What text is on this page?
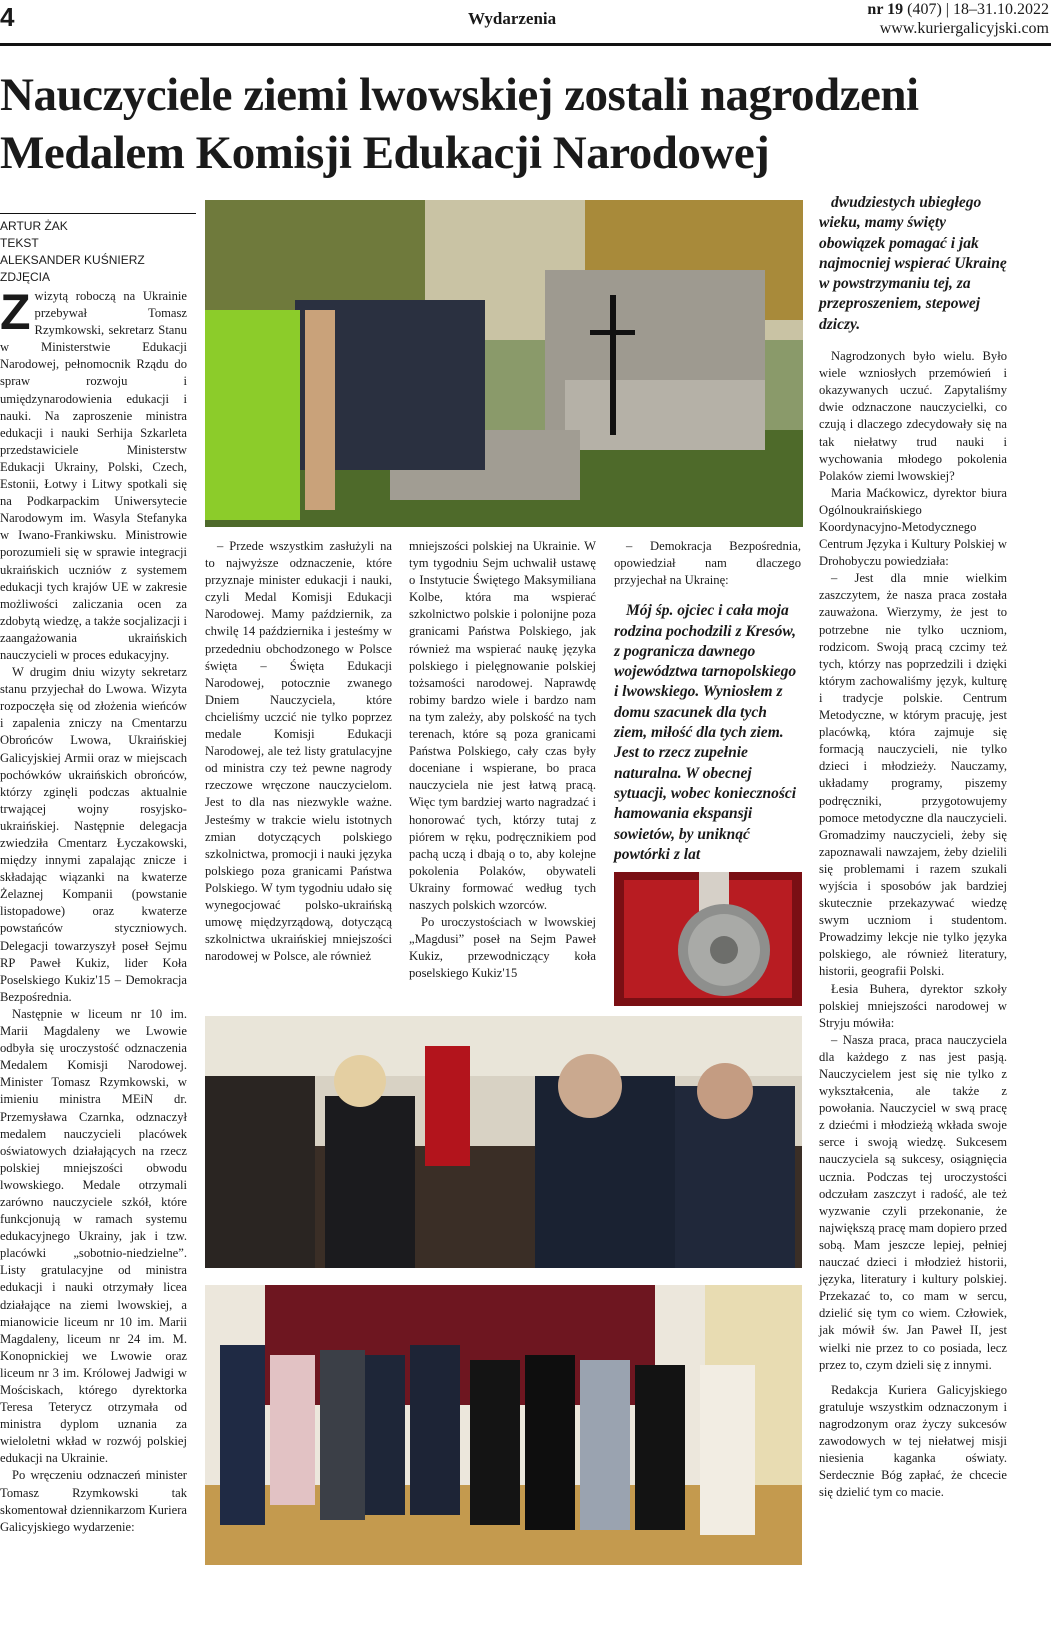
4	Wydarzenia	nr 19 (407) | 18–31.10.2022
www.kuriergalicyjski.com
Nauczyciele ziemi lwowskiej zostali nagrodzeni
Medalem Komisji Edukacji Narodowej
ARTUR ŻAK
TEKST
ALEKSANDER KUŚNIERZ
ZDJĘCIA

Zwizytą roboczą na Ukrainie przebywał Tomasz Rzymkowski, sekretarz Stanu w Ministerstwie Edukacji Narodowej, pełnomocnik Rządu do spraw rozwoju i umiędzynarodowienia edukacji i nauki. Na zaproszenie ministra edukacji i nauki Serhija Szkarleta przedstawiciele Ministerstw Edukacji Ukrainy, Polski, Czech, Estonii, Łotwy i Litwy spotkali się na Podkarpackim Uniwersytecie Narodowym im. Wasyla Stefanyka w Iwano-Frankiwsku. Ministrowie porozumieli się w sprawie integracji ukraińskich uczniów z systemem edukacji tych krajów UE w zakresie możliwości zaliczania ocen za zdobytą wiedzę, a także socjalizacji i zaangażowania ukraińskich nauczycieli w proces edukacyjny.

W drugim dniu wizyty sekretarz stanu przyjechał do Lwowa. Wizyta rozpoczęła się od złożenia wieńców i zapalenia zniczy na Cmentarzu Obrońców Lwowa, Ukraińskiej Galicyjskiej Armii oraz w miejscach pochówków ukraińskich obrońców, którzy zginęli podczas aktualnie trwającej wojny rosyjsko-ukraińskiej. Następnie delegacja zwiedziła Cmentarz Łyczakowski, między innymi zapalając znicze i składając wiązanki na kwaterze Żelaznej Kompanii (powstanie listopadowe) oraz kwaterze powstańców styczniowych. Delegacji towarzyszył poseł Sejmu RP Paweł Kukiz, lider Koła Poselskiego Kukiz'15 – Demokracja Bezpośrednia.

Następnie w liceum nr 10 im. Marii Magdaleny we Lwowie odbyła się uroczystość odznaczenia Medalem Komisji Narodowej. Minister Tomasz Rzymkowski, w imieniu ministra MEiN dr. Przemysława Czarnka, odznaczył medalem nauczycieli placówek oświatowych działających na rzecz polskiej mniejszości obwodu lwowskiego. Medale otrzymali zarówno nauczyciele szkół, które funkcjonują w ramach systemu edukacyjnego Ukrainy, jak i tzw. placówki „sobotnio-niedzielne”. Listy gratulacyjne od ministra edukacji i nauki otrzymały licea działające na ziemi lwowskiej, a mianowicie liceum nr 10 im. Marii Magdaleny, liceum nr 24 im. M. Konopnickiej we Lwowie oraz liceum nr 3 im. Królowej Jadwigi w Mościskach, którego dyrektorka Teresa Teterycz otrzymała od ministra dyplom uznania za wieloletni wkład w rozwój polskiej edukacji na Ukrainie.

Po wręczeniu odznaczeń minister Tomasz Rzymkowski tak skomentował dziennikarzom Kuriera Galicyjskiego wydarzenie:

– Przede wszystkim zasłużyli na to najwyższe odznaczenie, które przyznaje minister edukacji i nauki, czyli Medal Komisji Edukacji Narodowej. Mamy październik, za chwilę 14 października i jesteśmy w przededniu obchodzonego w Polsce święta – Święta Edukacji Narodowej, potocznie zwanego Dniem Nauczyciela, które chcieliśmy uczcić nie tylko poprzez medale Komisji Edukacji Narodowej, ale też listy gratulacyjne od ministra czy też pewne nagrody rzeczowe wręczone nauczycielom. Jest to dla nas niezwykle ważne. Jesteśmy w trakcie wielu istotnych zmian dotyczących polskiego szkolnictwa, promocji i nauki języka polskiego poza granicami Państwa Polskiego. W tym tygodniu udało się wynegocjować polsko-ukraińską umowę międzyrządową, dotyczącą szkolnictwa ukraińskiej mniejszości narodowej w Polsce, ale również

mniejszości polskiej na Ukrainie. W tym tygodniu Sejm uchwalił ustawę o Instytucie Świętego Maksymiliana Kolbe, która ma wspierać szkolnictwo polskie i polonijne poza granicami Państwa Polskiego, jak również ma wspierać naukę języka polskiego i pielęgnowanie polskiej tożsamości narodowej. Naprawdę robimy bardzo wiele i bardzo nam na tym zależy, aby polskość na tych terenach, które są poza granicami Państwa Polskiego, cały czas były doceniane i wspierane, bo praca nauczyciela nie jest łatwą pracą. Więc tym bardziej warto nagradzać i honorować tych, którzy tutaj z piórem w ręku, podręcznikiem pod pachą uczą i dbają o to, aby kolejne pokolenia Polaków, obywateli Ukrainy formować według tych naszych polskich wzorców.

Po uroczystościach w lwowskiej „Magdusi” poseł na Sejm Paweł Kukiz, przewodniczący koła poselskiego Kukiz'15

– Demokracja Bezpośrednia, opowiedział nam dlaczego przyjechał na Ukrainę:

Mój śp. ojciec i cała moja rodzina pochodzili z Kresów, z pogranicza dawnego województwa tarnopolskiego i lwowskiego. Wyniosłem z domu szacunek dla tych ziem, miłość dla tych ziem. Jest to rzecz zupełnie naturalna. W obecnej sytuacji, wobec konieczności hamowania ekspansji sowietów, by uniknąć powtórki z lat

dwudziestych ubiegłego wieku, mamy święty obowiązek pomagać i jak najmocniej wspierać Ukrainę w powstrzymaniu tej, za przeproszeniem, stepowej dziczy.

Nagrodzonych było wielu. Było wiele wzniosłych przemówień i okazywanych uczuć. Zapytaliśmy dwie odznaczone nauczycielki, co czują i dlaczego zdecydowały się na tak niełatwy trud nauki i wychowania młodego pokolenia Polaków ziemi lwowskiej?

Maria Maćkowicz, dyrektor biura Ogólnoukraińskiego Koordynacyjno-Metodycznego Centrum Języka i Kultury Polskiej w Drohobyczu powiedziała:

– Jest dla mnie wielkim zaszczytem, że nasza praca została zauważona. Wierzymy, że jest to potrzebne nie tylko uczniom, rodzicom. Swoją pracą czcimy też tych, którzy nas poprzedzili i dzięki którym zachowaliśmy język, kulturę i tradycje polskie. Centrum Metodyczne, w którym pracuję, jest placówką, która zajmuje się formacją nauczycieli, nie tylko dzieci i młodzieży. Nauczamy, układamy programy, piszemy podręczniki, przygotowujemy pomoce metodyczne dla nauczycieli. Gromadzimy nauczycieli, żeby się zapoznawali nawzajem, żeby dzielili się problemami i razem szukali wyjścia i sposobów jak bardziej skutecznie przekazywać wiedzę swym uczniom i studentom. Prowadzimy lekcje nie tylko języka polskiego, ale również literatury, historii, geografii Polski.

Łesia Buhera, dyrektor szkoły polskiej mniejszości narodowej w Stryju mówiła:

– Nasza praca, praca nauczyciela dla każdego z nas jest pasją. Nauczycielem jest się nie tylko z wykształcenia, ale także z powołania. Nauczyciel w swą pracę z dziećmi i młodzieżą wkłada swoje serce i swoją wiedzę. Sukcesem nauczyciela są sukcesy, osiągnięcia ucznia. Podczas tej uroczystości odczułam zaszczyt i radość, ale też wyzwanie czyli przekonanie, że największą pracę mam dopiero przed sobą. Mam jeszcze lepiej, pełniej nauczać dzieci i młodzież historii, języka, literatury i kultury polskiej. Przekazać to, co mam w sercu, dzielić się tym co wiem. Człowiek, jak mówił św. Jan Paweł II, jest wielki nie przez to co posiada, lecz przez to, czym dzieli się z innymi.

Redakcja Kuriera Galicyjskiego gratuluje wszystkim odznaczonym i nagrodzonym oraz życzy sukcesów zawodowych w tej niełatwej misji niesienia kaganka oświaty. Serdecznie Bóg zapłać, że chcecie się dzielić tym co macie.
